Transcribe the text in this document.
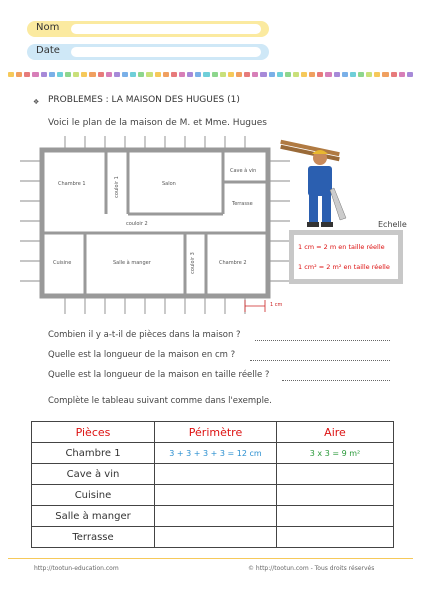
Nom
Date
❖ PROBLEMES : LA MAISON DES HUGUES (1)
Voici le plan de la maison de M. et Mme. Hugues
Chambre 1	couloir 1	Salon
Cave à vin
Terrasse
couloir 2
Cuisine	Salle à manger	couloir 3	Chambre 2
1 cm
Echelle
1 cm = 2 m en taille réelle
1 cm² = 2 m² en taille réelle
Combien il y a-t-il de pièces dans la maison ?
Quelle est la longueur de la maison en cm ?
Quelle est la longueur de la maison en taille réelle ?
Complète le tableau suivant comme dans l'exemple.
Pièces	Périmètre	Aire
Chambre 1	3 + 3 + 3 + 3 = 12 cm	3 x 3 = 9 m²
Cave à vin		
Cuisine		
Salle à manger		
Terrasse		
http://tootun-education.com	© http://tootun.com - Tous droits réservés
